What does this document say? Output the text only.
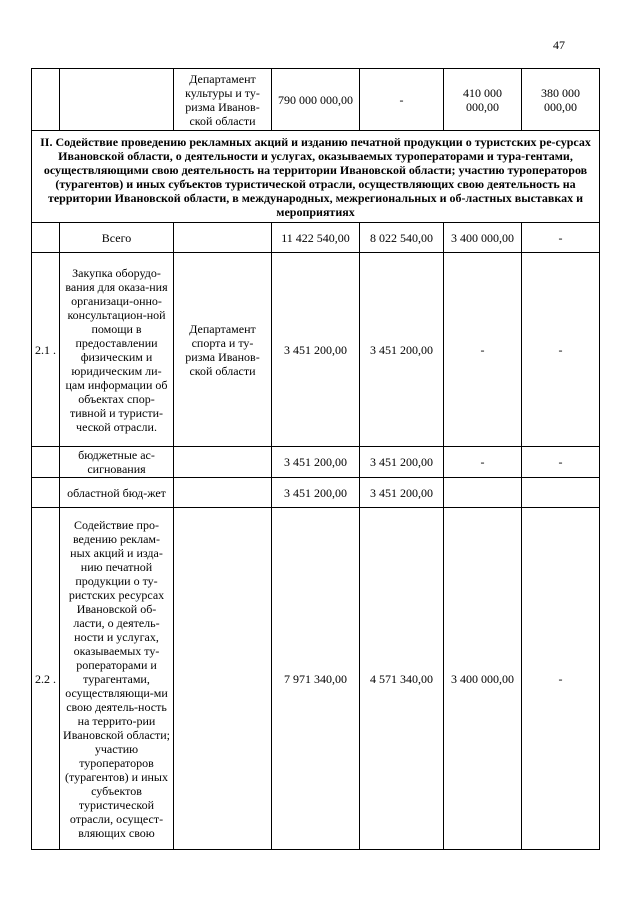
47
		Департамент культуры и ту-ризма Иванов-ской области	790 000 000,00	-	410 000 000,00	380 000 000,00

II. Содействие проведению рекламных акций и изданию печатной продукции о туристских ре-сурсах Ивановской области, о деятельности и услугах, оказываемых туроператорами и тура-гентами, осуществляющими свою деятельность на территории Ивановской области; участию туроператоров (турагентов) и иных субъектов туристической отрасли, осуществляющих свою деятельность на территории Ивановской области, в международных, межрегиональных и об-ластных выставках и мероприятиях						
	Всего		11 422 540,00	8 022 540,00	3 400 000,00	-
2.1 .	Закупка оборудо-вания для оказа-ния организаци-онно-консультацион-ной помощи в предоставлении физическим и юридическим ли-цам информации об объектах спор-тивной и туристи-ческой отрасли.	Департамент спорта и ту-ризма Иванов-ской области	3 451 200,00	3 451 200,00	-	-
	бюджетные ас-сигнования		3 451 200,00	3 451 200,00	-	-
	областной бюд-жет		3 451 200,00	3 451 200,00		
2.2 .	Содействие про-ведению реклам-ных акций и изда-нию печатной продукции о ту-ристских ресурсах Ивановской об-ласти, о деятель-ности и услугах, оказываемых ту-роператорами и турагентами, осуществляющи-ми свою деятель-ность на террито-рии Ивановской области; участию туроператоров (турагентов) и иных субъектов туристической отрасли, осущест-вляющих свою		7 971 340,00	4 571 340,00	3 400 000,00	-
